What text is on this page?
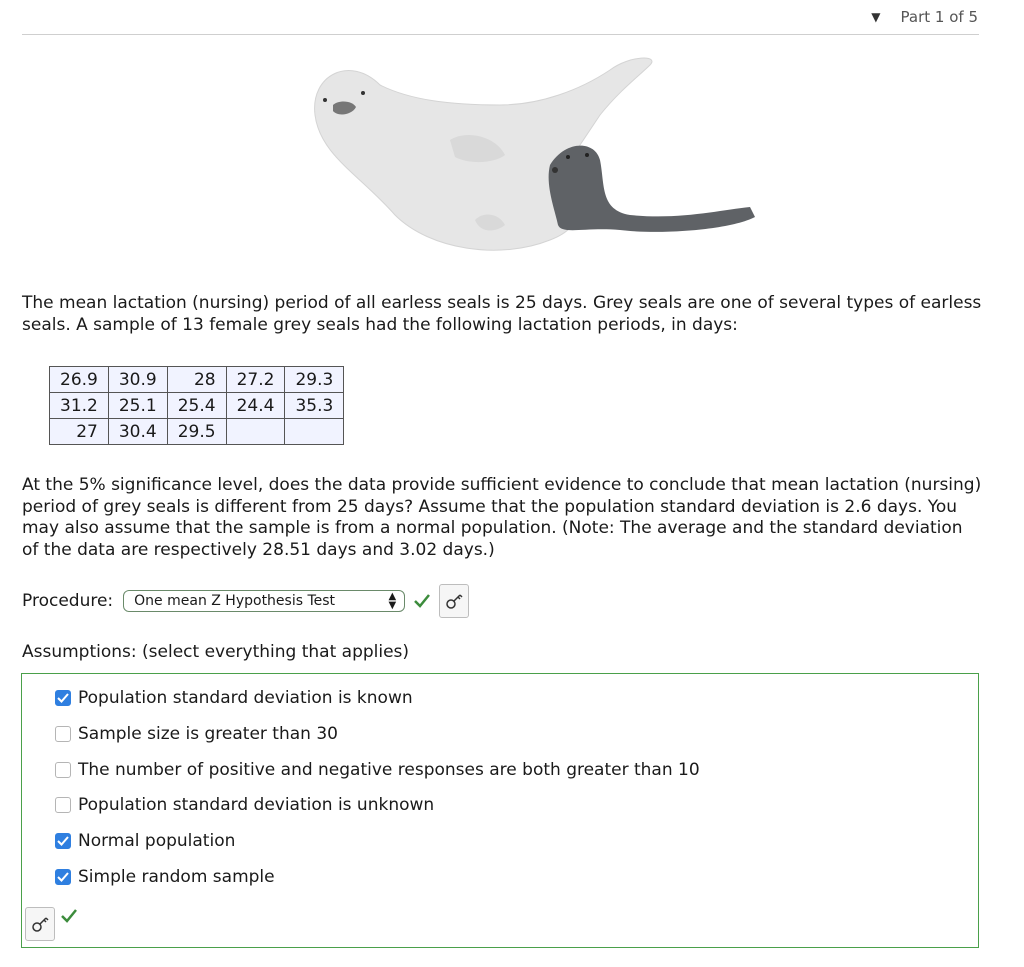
▼ Part 1 of 5

The mean lactation (nursing) period of all earless seals is 25 days. Grey seals are one of several types of earless seals. A sample of 13 female grey seals had the following lactation periods, in days:

26.9	30.9	28	27.2	29.3
31.2	25.1	25.4	24.4	35.3
27	30.4	29.5		

At the 5% significance level, does the data provide sufficient evidence to conclude that mean lactation (nursing) period of grey seals is different from 25 days? Assume that the population standard deviation is 2.6 days. You may also assume that the sample is from a normal population. (Note: The average and the standard deviation of the data are respectively 28.51 days and 3.02 days.)

Procedure: One mean Z Hypothesis Test	▲
▼

Assumptions: (select everything that applies)

Population standard deviation is known
Sample size is greater than 30
The number of positive and negative responses are both greater than 10
Population standard deviation is unknown
Normal population
Simple random sample
